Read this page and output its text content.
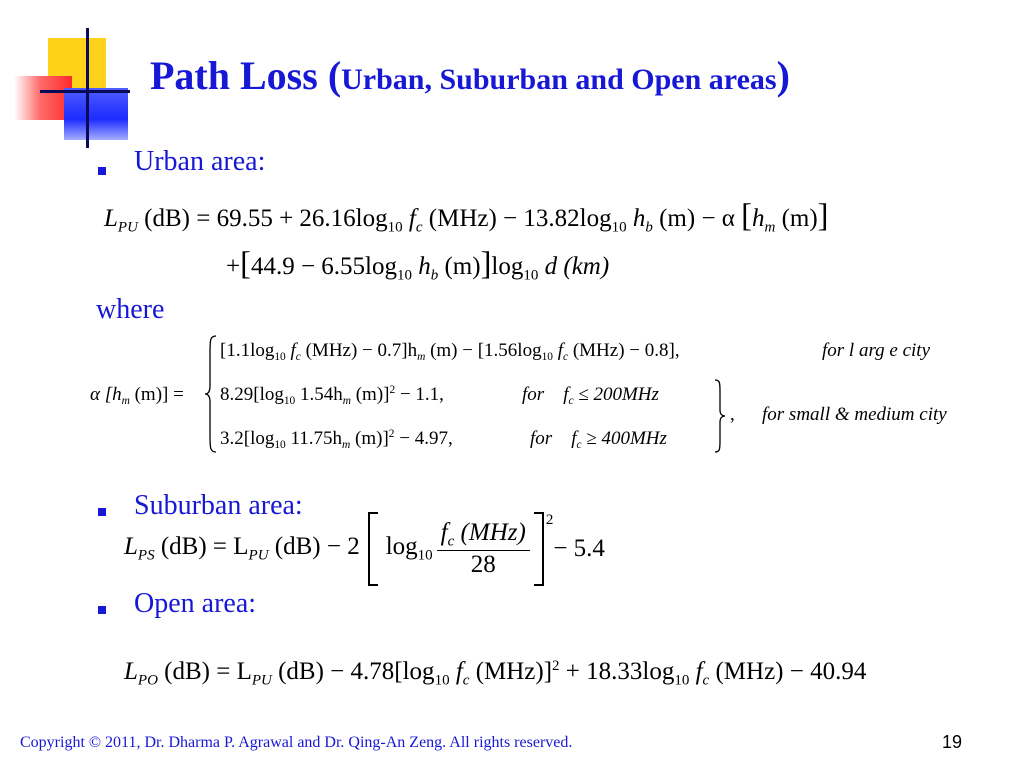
Path Loss (Urban, Suburban and Open areas)
Urban area:
$L_{PU}$ $(dB) = 69.55 + 26.16\log_{10}$ $f_c$ $(MHz) - 13.82\log_{10}$ $h_b$ (m) − α [$h_m$ (m)]
$+[44.9 - 6.55\log_{10}$ $h_b$ $(m)]\log_{10}$ d (km)
where
α [$h_m$ (m)] =
[$1.1\log_{10}$ $f_c$ $(MHz) - 0.7]h_m$ $(m) - [1.56\log_{10}$ $f_c$ (MHz) − 0.8],	for l arg e city
$8.29[\log_{10}$ $1.54h_m$ (m)]$^2$ − 1.1,	for $f_c \le 200MHz$
$3.2[\log_{10}$ $11.75h_m$ (m)]$^2$ − 4.97,	for $f_c \ge 400MHz$
, for small & medium city
Suburban area:
$L_{PS}$ $(dB) = L_{PU}$ (dB) − 2 $\log_{10} \frac{f_c (MHz)}{28} 2$
− 5.4
Open area:
$L_{PO}$ $(dB) = L_{PU}$ $(dB) - 4.78[\log_{10}$ $f_c$ $(MHz)]^2 + 18.33\log_{10}$ $f_c$ (MHz) − 40.94
Copyright © 2011, Dr. Dharma P. Agrawal and Dr. Qing-An Zeng. All rights reserved.	19
